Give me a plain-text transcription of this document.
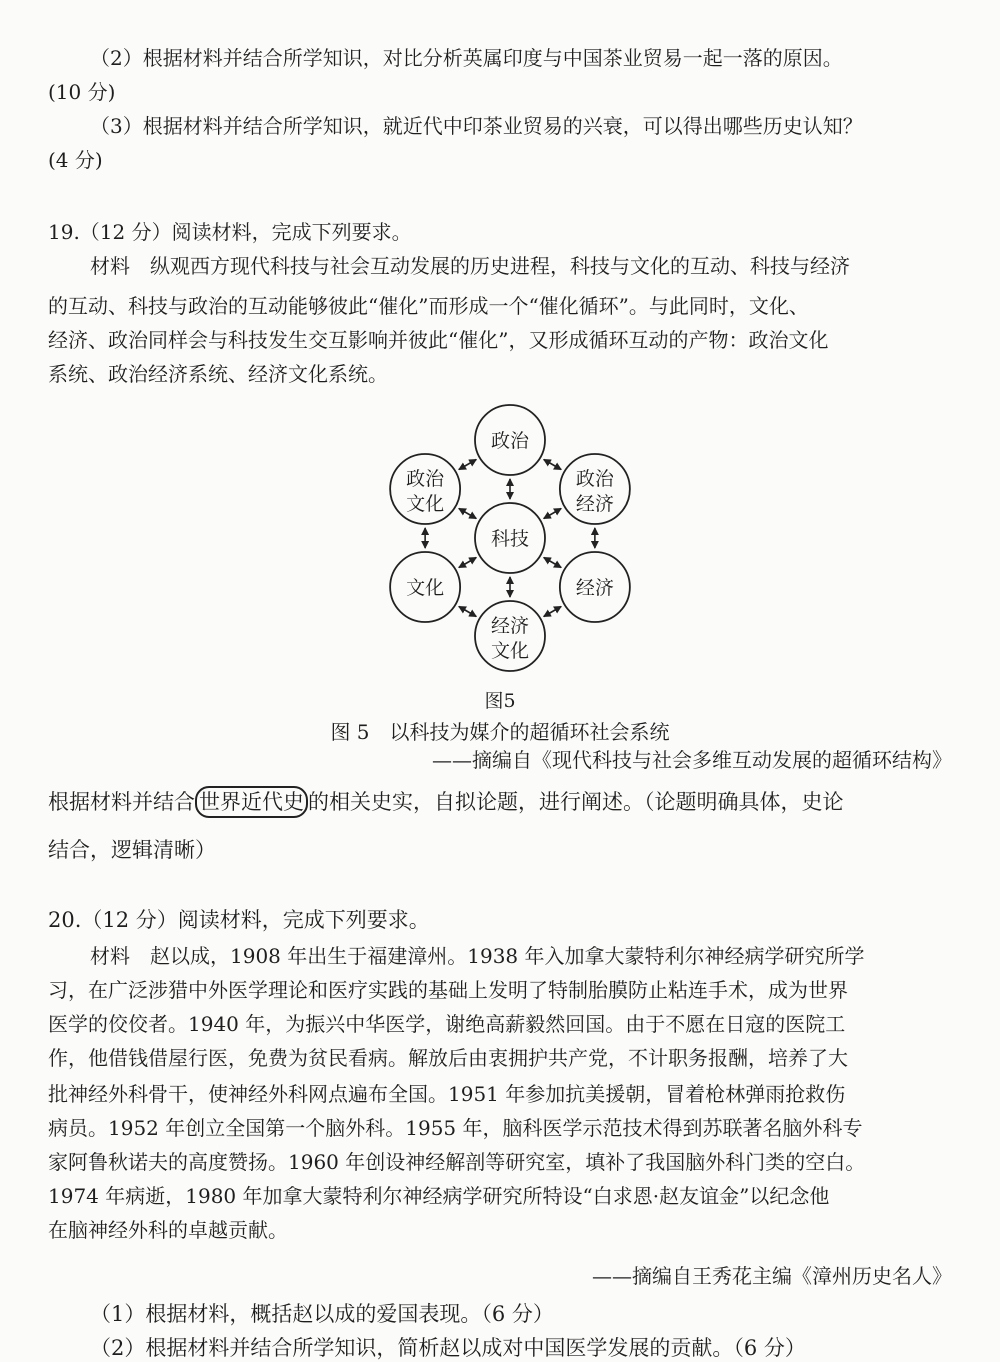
（2）根据材料并结合所学知识，对比分析英属印度与中国茶业贸易一起一落的原因。
(10 分)
（3）根据材料并结合所学知识，就近代中印茶业贸易的兴衰，可以得出哪些历史认知？
(4 分)
19.（12 分）阅读材料，完成下列要求。
材料　纵观西方现代科技与社会互动发展的历史进程，科技与文化的互动、科技与经济
的互动、科技与政治的互动能够彼此“催化”而形成一个“催化循环”。与此同时，文化、
经济、政治同样会与科技发生交互影响并彼此“催化”，又形成循环互动的产物：政治文化
系统、政治经济系统、经济文化系统。
政治
政治
经济
经济
经济
文化
文化
政治
文化
科技
图5
图 5　以科技为媒介的超循环社会系统
——摘编自《现代科技与社会多维互动发展的超循环结构》
根据材料并结合 世界近代史 的相关史实，自拟论题，进行阐述。（论题明确具体，史论
结合，逻辑清晰）
20.（12 分）阅读材料，完成下列要求。
材料　赵以成，1908 年出生于福建漳州。1938 年入加拿大蒙特利尔神经病学研究所学
习，在广泛涉猎中外医学理论和医疗实践的基础上发明了特制胎膜防止粘连手术，成为世界
医学的佼佼者。1940 年，为振兴中华医学，谢绝高薪毅然回国。由于不愿在日寇的医院工
作，他借钱借屋行医，免费为贫民看病。解放后由衷拥护共产党，不计职务报酬，培养了大
批神经外科骨干，使神经外科网点遍布全国。1951 年参加抗美援朝，冒着枪林弹雨抢救伤
病员。1952 年创立全国第一个脑外科。1955 年，脑科医学示范技术得到苏联著名脑外科专
家阿鲁秋诺夫的高度赞扬。1960 年创设神经解剖等研究室，填补了我国脑外科门类的空白。
1974 年病逝，1980 年加拿大蒙特利尔神经病学研究所特设“白求恩·赵友谊金”以纪念他
在脑神经外科的卓越贡献。
——摘编自王秀花主编《漳州历史名人》
（1）根据材料，概括赵以成的爱国表现。（6 分）
（2）根据材料并结合所学知识，简析赵以成对中国医学发展的贡献。（6 分）
